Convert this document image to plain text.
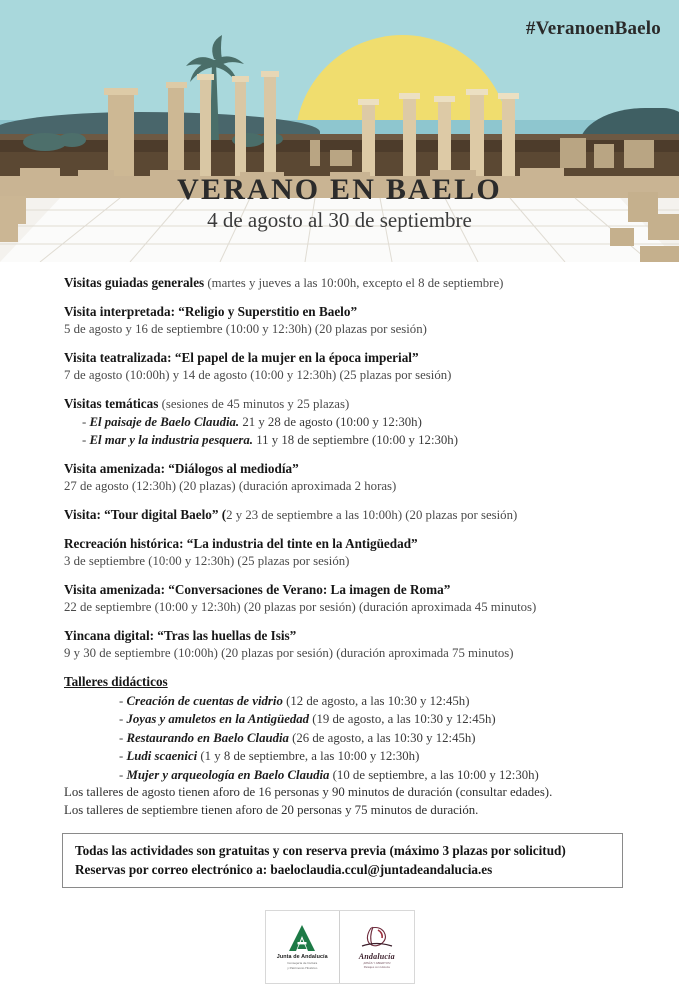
#VeranoenBaelo
VERANO EN BAELO
4 de agosto al 30 de septiembre
Visitas guiadas generales (martes y jueves a las 10:00h, excepto el 8 de septiembre)
Visita interpretada: “Religio y Superstitio en Baelo”
5 de agosto y 16 de septiembre (10:00 y 12:30h) (20 plazas por sesión)
Visita teatralizada: “El papel de la mujer en la época imperial”
7 de agosto (10:00h) y 14 de agosto (10:00 y 12:30h) (25 plazas por sesión)
Visitas temáticas (sesiones de 45 minutos y 25 plazas)
- El paisaje de Baelo Claudia. 21 y 28 de agosto (10:00 y 12:30h)
- El mar y la industria pesquera. 11 y 18 de septiembre (10:00 y 12:30h)
Visita amenizada: “Diálogos al mediodía”
27 de agosto (12:30h) (20 plazas) (duración aproximada 2 horas)
Visita: “Tour digital Baelo” (2 y 23 de septiembre a las 10:00h) (20 plazas por sesión)
Recreación histórica: “La industria del tinte en la Antigüedad”
3 de septiembre (10:00 y 12:30h) (25 plazas por sesión)
Visita amenizada: “Conversaciones de Verano: La imagen de Roma”
22 de septiembre (10:00 y 12:30h) (20 plazas por sesión) (duración aproximada 45 minutos)
Yincana digital: “Tras las huellas de Isis”
9 y 30 de septiembre (10:00h) (20 plazas por sesión) (duración aproximada 75 minutos)
Talleres didácticos
- Creación de cuentas de vidrio (12 de agosto, a las 10:30 y 12:45h)
- Joyas y amuletos en la Antigüedad (19 de agosto, a las 10:30 y 12:45h)
- Restaurando en Baelo Claudia (26 de agosto, a las 10:30 y 12:45h)
- Ludi scaenici (1 y 8 de septiembre, a las 10:00 y 12:30h)
- Mujer y arqueología en Baelo Claudia (10 de septiembre, a las 10:00 y 12:30h)
Los talleres de agosto tienen aforo de 16 personas y 90 minutos de duración (consultar edades).
Los talleres de septiembre tienen aforo de 20 personas y 75 minutos de duración.
Todas las actividades son gratuitas y con reserva previa (máximo 3 plazas por solicitud)
Reservas por correo electrónico a: baeloclaudia.ccul@juntadeandalucia.es
Junta de Andalucía
Consejería de Cultura
y Patrimonio Histórico
Andalucía
¡IMNÁS Y ABIERTOS!
Paisajes con Historia
